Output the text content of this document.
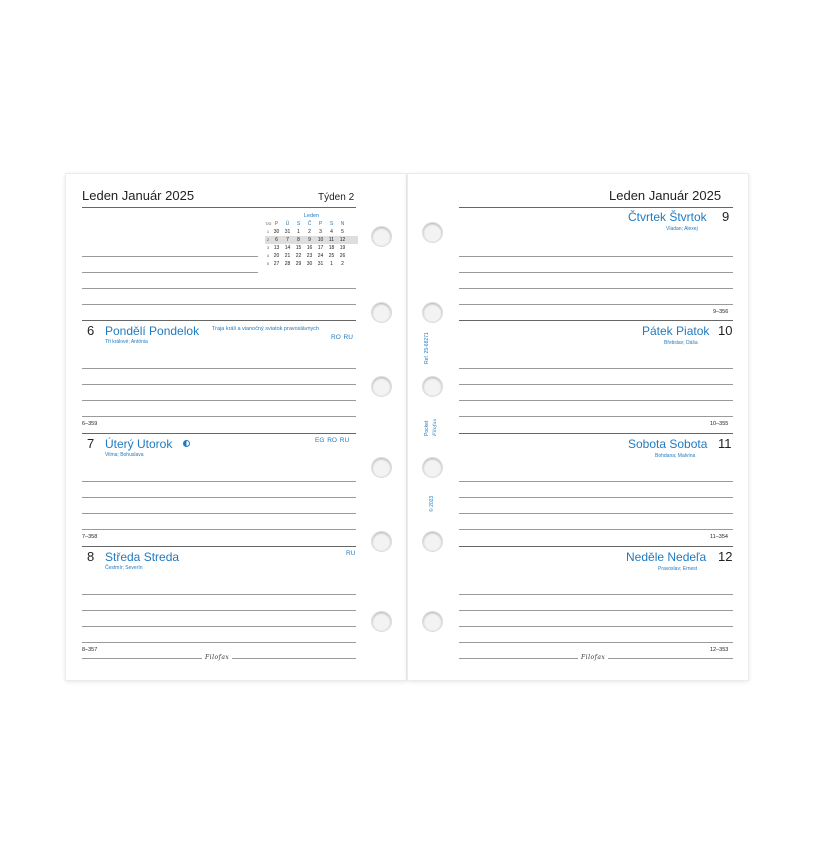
Leden Január 2025	Týden 2
Leden
T/D P	Ú	S	Č	P	S	N
1 30	31	1	2	3	4	5
2	6	7	8	9	10	11	12
3 13	14	15	16	17	18	19
4 20	21	22	23	24	25	26
5 27	28	29	30	31	1	2
6 Pondělí Pondelok Traja králi a vianočný sviatok pravoslávnych
Tři králové; Antónia
RO RU
6–359
7 Úterý Utorok
Vilma; Bohuslava
EG RO RU
7–358
8 Středa Streda
Čestmír; Severín
RU
8–357
Filofax
Ref. 25-68271
Pocket Filofax
© 2023
Leden Január 2025
Čtvrtek Štvrtok 9
Vladan; Alexej
9–356
Pátek Piatok 10
Břetislav; Dáša
10–355
Sobota Sobota 11
Bohdana; Malvína
11–354
Neděle Nedeľa 12
Pravoslav; Ernest
12–353
Filofax
